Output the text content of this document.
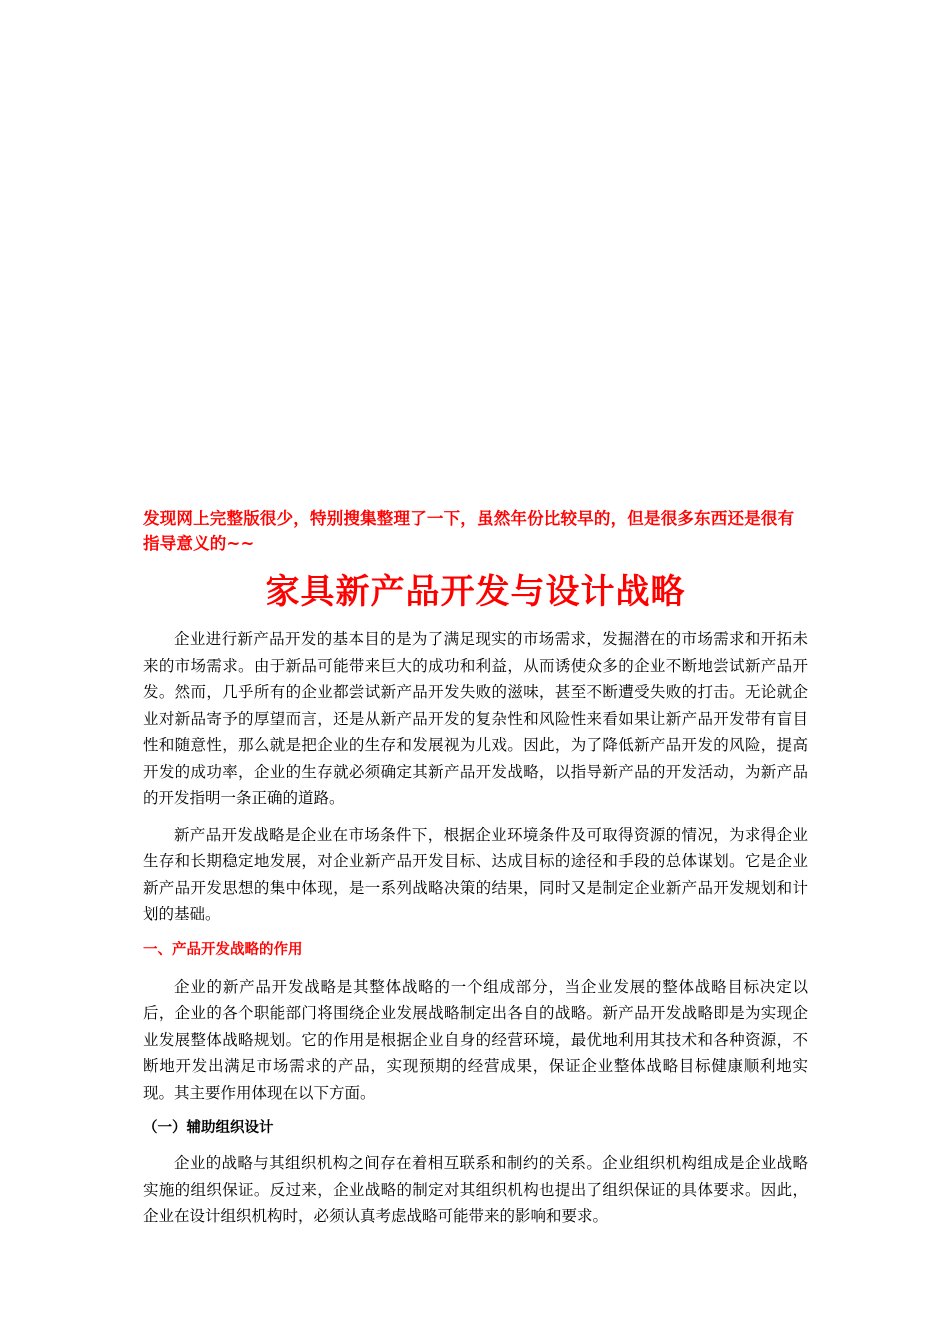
发现网上完整版很少，特别搜集整理了一下，虽然年份比较早的，但是很多东西还是很有指导意义的~~

家具新产品开发与设计战略

企业进行新产品开发的基本目的是为了满足现实的市场需求，发掘潜在的市场需求和开拓未来的市场需求。由于新品可能带来巨大的成功和利益，从而诱使众多的企业不断地尝试新产品开发。然而，几乎所有的企业都尝试新产品开发失败的滋味，甚至不断遭受失败的打击。无论就企业对新品寄予的厚望而言，还是从新产品开发的复杂性和风险性来看如果让新产品开发带有盲目性和随意性，那么就是把企业的生存和发展视为儿戏。因此，为了降低新产品开发的风险，提高开发的成功率，企业的生存就必须确定其新产品开发战略，以指导新产品的开发活动，为新产品的开发指明一条正确的道路。

新产品开发战略是企业在市场条件下，根据企业环境条件及可取得资源的情况，为求得企业生存和长期稳定地发展，对企业新产品开发目标、达成目标的途径和手段的总体谋划。它是企业新产品开发思想的集中体现，是一系列战略决策的结果，同时又是制定企业新产品开发规划和计划的基础。

一、产品开发战略的作用

企业的新产品开发战略是其整体战略的一个组成部分，当企业发展的整体战略目标决定以后，企业的各个职能部门将围绕企业发展战略制定出各自的战略。新产品开发战略即是为实现企业发展整体战略规划。它的作用是根据企业自身的经营环境，最优地利用其技术和各种资源，不断地开发出满足市场需求的产品，实现预期的经营成果，保证企业整体战略目标健康顺利地实现。其主要作用体现在以下方面。

（一）辅助组织设计

企业的战略与其组织机构之间存在着相互联系和制约的关系。企业组织机构组成是企业战略实施的组织保证。反过来，企业战略的制定对其组织机构也提出了组织保证的具体要求。因此，企业在设计组织机构时，必须认真考虑战略可能带来的影响和要求。
